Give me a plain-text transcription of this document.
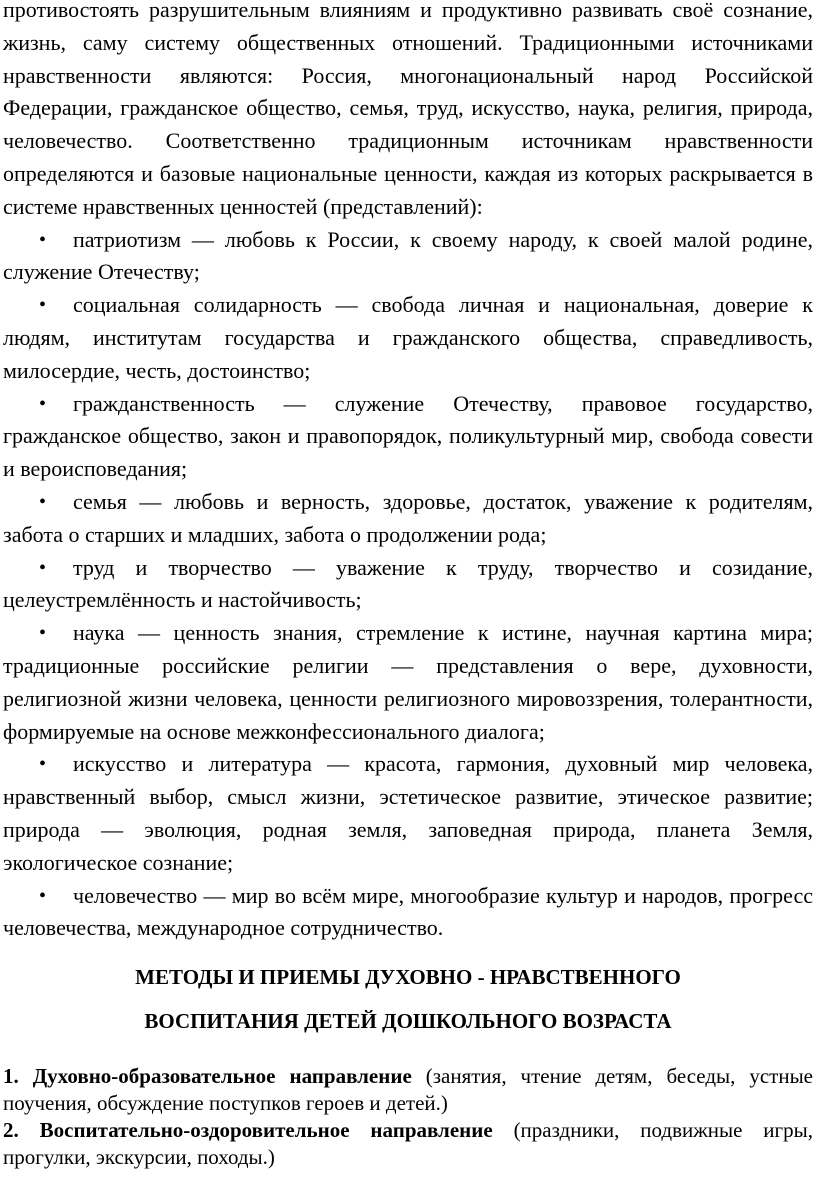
противостоять разрушительным влияниям и продуктивно развивать своё сознание, жизнь, саму систему общественных отношений. Традиционными источниками нравственности являются: Россия, многонациональный народ Российской Федерации, гражданское общество, семья, труд, искусство, наука, религия, природа, человечество. Соответственно традиционным источникам нравственности определяются и базовые национальные ценности, каждая из которых раскрывается в системе нравственных ценностей (представлений):

• патриотизм — любовь к России, к своему народу, к своей малой родине, служение Отечеству;

• социальная солидарность — свобода личная и национальная, доверие к людям, институтам государства и гражданского общества, справедливость, милосердие, честь, достоинство;

• гражданственность — служение Отечеству, правовое государство, гражданское общество, закон и правопорядок, поликультурный мир, свобода совести и вероисповедания;

• семья — любовь и верность, здоровье, достаток, уважение к родителям, забота о старших и младших, забота о продолжении рода;

• труд и творчество — уважение к труду, творчество и созидание, целеустремлённость и настойчивость;

• наука — ценность знания, стремление к истине, научная картина мира; традиционные российские религии — представления о вере, духовности, религиозной жизни человека, ценности религиозного мировоззрения, толерантности, формируемые на основе межконфессионального диалога;

• искусство и литература — красота, гармония, духовный мир человека, нравственный выбор, смысл жизни, эстетическое развитие, этическое развитие; природа — эволюция, родная земля, заповедная природа, планета Земля, экологическое сознание;

• человечество — мир во всём мире, многообразие культур и народов, прогресс человечества, международное сотрудничество.

МЕТОДЫ И ПРИЕМЫ ДУХОВНО - НРАВСТВЕННОГО
ВОСПИТАНИЯ ДЕТЕЙ ДОШКОЛЬНОГО ВОЗРАСТА

1. Духовно-образовательное направление (занятия, чтение детям, беседы, устные поучения, обсуждение поступков героев и детей.)

2. Воспитательно-оздоровительное направление (праздники, подвижные игры, прогулки, экскурсии, походы.)
